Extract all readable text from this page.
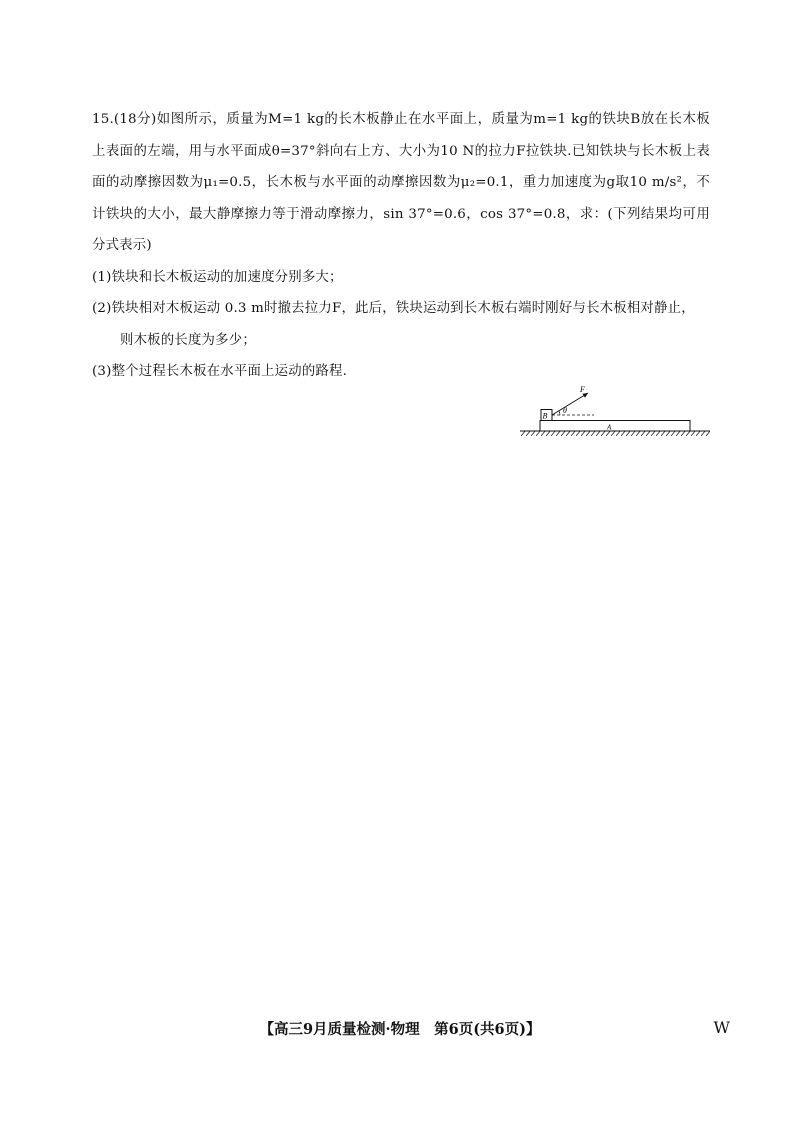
15.(18分)如图所示，质量为M=1 kg的长木板静止在水平面上，质量为m=1 kg的铁块B放在长木板上表面的左端，用与水平面成θ=37°斜向右上方、大小为10 N的拉力F拉铁块.已知铁块与长木板上表面的动摩擦因数为μ₁=0.5，长木板与水平面的动摩擦因数为μ₂=0.1，重力加速度为g取10 m/s²，不计铁块的大小，最大静摩擦力等于滑动摩擦力，sin 37°=0.6，cos 37°=0.8，求：(下列结果均可用分式表示)

(1)铁块和长木板运动的加速度分别多大；

(2)铁块相对木板运动 0.3 m时撤去拉力F，此后，铁块运动到长木板右端时刚好与长木板相对静止，

则木板的长度为多少；

(3)整个过程长木板在水平面上运动的路程.

A
B
F
θ
【高三9月质量检测·物理　第6页(共6页)】	W
